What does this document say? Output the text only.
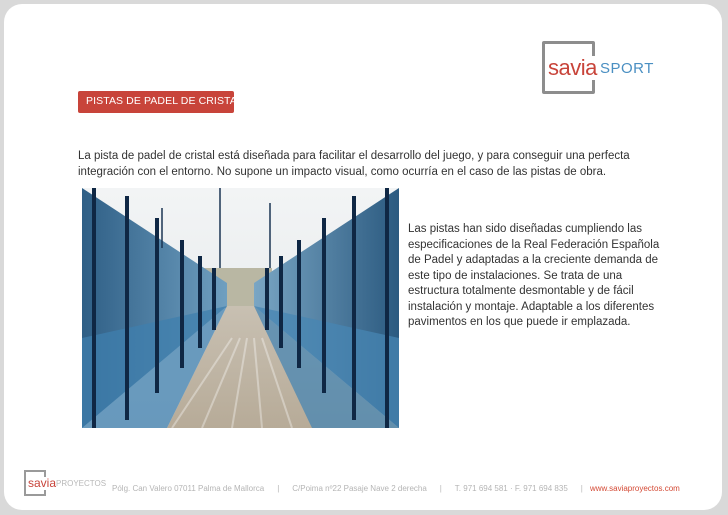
savia SPORT
PISTAS DE PADEL DE CRISTAL

La pista de padel de cristal está diseñada para facilitar el desarrollo del juego, y para conseguir una perfecta integración con el entorno. No supone un impacto visual, como ocurría en el caso de las pistas de obra.

Las pistas han sido diseñadas cumpliendo las especificaciones de la Real Federación Española de Padel y adaptadas a la creciente demanda de este tipo de instalaciones. Se trata de una estructura totalmente desmontable y de fácil instalación y montaje. Adaptable a los diferentes pavimentos en los que puede ir emplazada.

savia PROYECTOS
Pólg. Can Valero 07011 Palma de Mallorca | C/Poima nº22 Pasaje Nave 2 derecha | T. 971 694 581 · F. 971 694 835 | www.saviaproyectos.com
